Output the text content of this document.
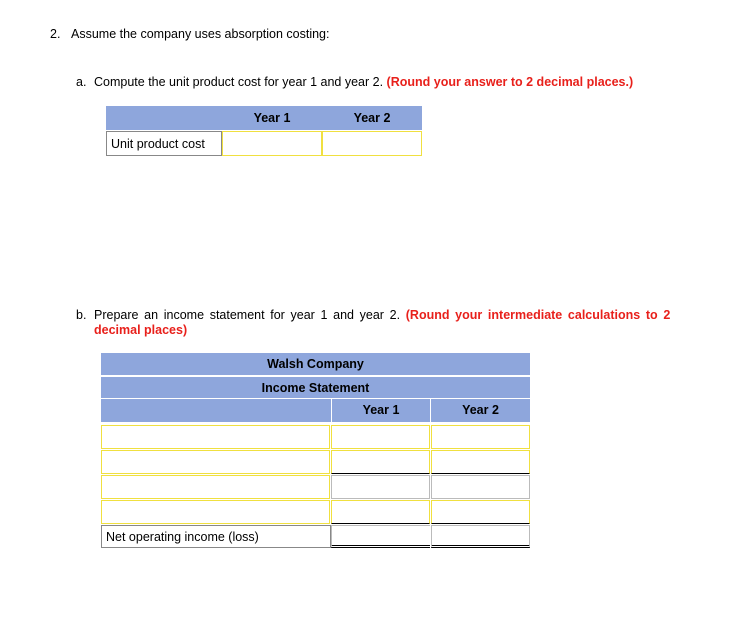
2. Assume the company uses absorption costing:
a. Compute the unit product cost for year 1 and year 2. (Round your answer to 2 decimal places.)
Year 1	Year 2
Unit product cost
b. Prepare an income statement for year 1 and year 2. (Round your intermediate calculations to 2
decimal places)
Walsh Company
Income Statement
Year 1	Year 2
Net operating income (loss)
